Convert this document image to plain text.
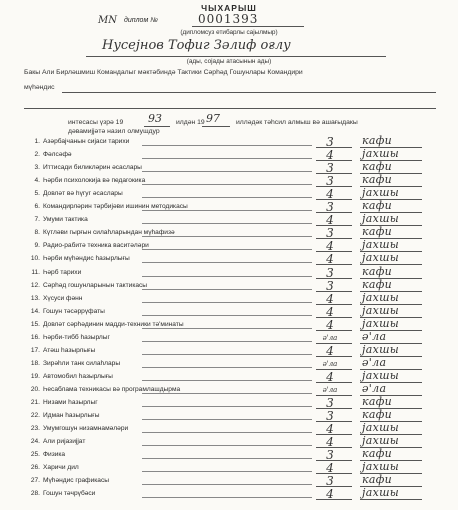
ЧЫХАРЫШ
МN диплом №	0001393
(диплом​сyз етибарлы сајылмыр)
Нусејнов Тофиг Зәлиф оғлу
(ады, сојады атасынын ады)
Бакы Али Бирләшмиш Командалыг мәктәбиндә Тактики Сәрһəд Гошунлары Командири
мүһәндис
интесасы үзрә 19 93 илдән 19 97 илләдәк тәһсил алмыш вә ашағыдакы
дәвамијјәтә назил олмушдур
1. Азәрбајчанын сијаси тарихи	3	кафи
2. Фәлсәфә	4	јахшы
3. Иттисади билик​ләрин әсаслары	3	кафи
4. Һәрби психолокија вә педагокика	3	кафи
5. Довләт вә hүгуг әсаслары	4	јахшы
6. Командирләрин тәрбијәви ишинин методикасы	3	кафи
7. Умуми тактика	4	јахшы
8. Күтләви гырғын силаһларындан мүһафизә	3	кафи
9. Радио-рабитә техника васитәләри	4	јахшы
10. Һәрби мүһәндис һазырлығы	4	јахшы
11. Һәрб тарихи	3	кафи
12. Сәрһәд гошунларынын тактикасы	3	кафи
13. Хүсуси фәнн	4	јахшы
14. Гошун тәсәррүфаты	4	јахшы
15. Довләт сәрһәдинин мадди-техники тә'минаты	4	јахшы
16. Һәрби-тибб һазырлыг	ә'ла	ә'ла
17. Атәш һазырлығы	4	јахшы
18. Зирәһли танк силаһлары	ә'ла	ә'ла
19. Автомобил һазырлығы	4	јахшы
20. Һесаблама техникасы вә програмлашдырма	ә'ла	ә'ла
21. Низами һазырлыг	3	кафи
22. Идман һазырлығы	3	кафи
23. Умумгошун низамнамәләри	4	јахшы
24. Али ријазијјат	4	јахшы
25. Физика	3	кафи
26. Харичи дил	4	јахшы
27. Мүһәндис графикасы	3	кафи
28. Гошун тәчрүбәси	4	јахшы
